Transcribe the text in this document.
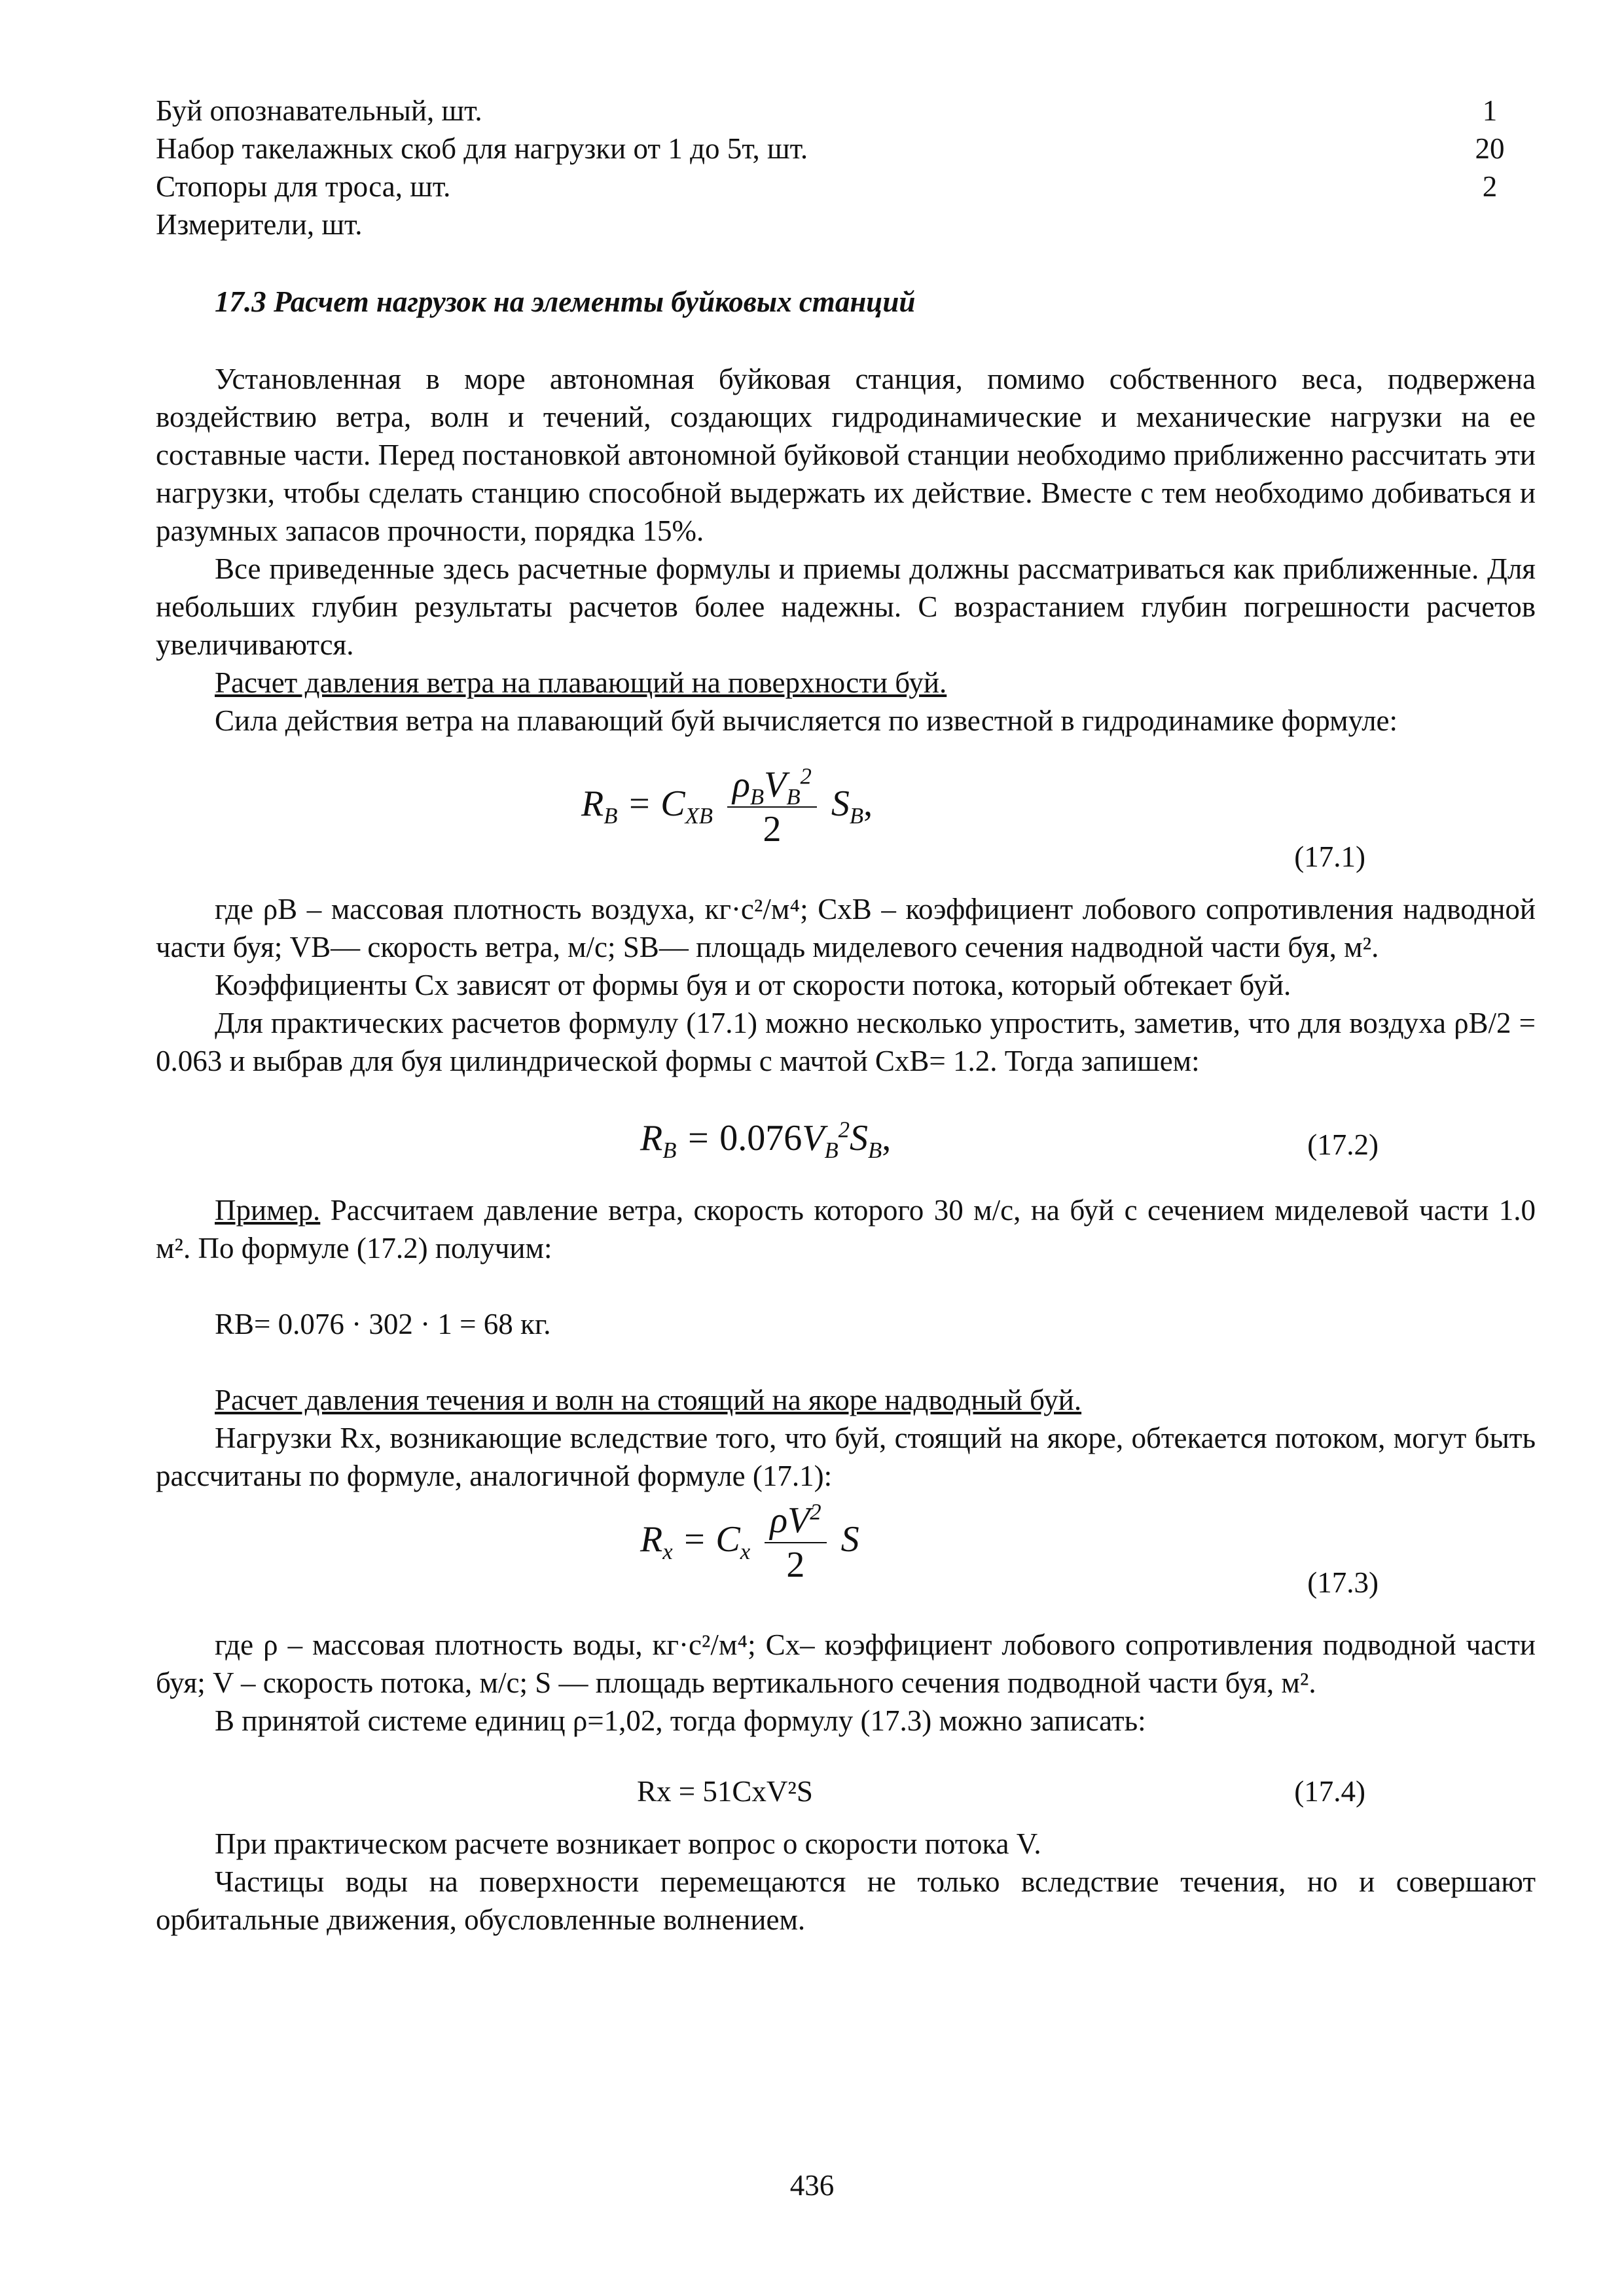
Буй опознавательный, шт.	1
Набор такелажных скоб для нагрузки от 1 до 5т, шт.	20
Стопоры для троса, шт.	2
Измерители, шт.
17.3 Расчет нагрузок на элементы буйковых станций

Установленная в море автономная буйковая станция, помимо собственного веса, подвержена воздействию ветра, волн и течений, создающих гидродинамические и механические нагрузки на ее составные части. Перед постановкой автономной буйковой станции необходимо приближенно рассчитать эти нагрузки, чтобы сделать станцию способной выдержать их действие. Вместе с тем необходимо добиваться и разумных запасов прочности, порядка 15%.

Все приведенные здесь расчетные формулы и приемы должны рассматриваться как приближенные. Для небольших глубин результаты расчетов более надежны. С возрастанием глубин погрешности расчетов увеличиваются.

Расчет давления ветра на плавающий на поверхности буй.

Сила действия ветра на плавающий буй вычисляется по известной в гидродинамике формуле:

$R_B = C_{XB} \frac{\rho_BV_B^2}{2} S_B$,
(17.1)

где ρB – массовая плотность воздуха, кг·c²/м⁴; СхB – коэффициент лобового сопротивления надводной части буя; VB— скорость ветра, м/с; SB— площадь миделевого сечения надводной части буя, м².

Коэффициенты Сх зависят от формы буя и от скорости потока, который обтекает буй.

Для практических расчетов формулу (17.1) можно несколько упростить, заметив, что для воздуха ρB/2 = 0.063 и выбрав для буя цилиндрической формы с мачтой СхB= 1.2. Тогда запишем:

$R_B = 0.076V_B^2S_B$,	(17.2)

Пример. Рассчитаем давление ветра, скорость которого 30 м/с, на буй с сечением миделевой части 1.0 м². По формуле (17.2) получим:

RB= 0.076 · 302 · 1 = 68 кг.
Расчет давления течения и волн на стоящий на якоре надводный буй.

Нагрузки Rx, возникающие вследствие того, что буй, стоящий на якоре, обтекается потоком, могут быть рассчитаны по формуле, аналогичной формуле (17.1):

$R_x = C_x \frac{\rho V^2}{2}$ S
(17.3)

где ρ – массовая плотность воды, кг·c²/м⁴; Сх– коэффициент лобового сопротивления подводной части буя; V – скорость потока, м/с; S — площадь вертикального сечения подводной части буя, м².

В принятой системе единиц ρ=1,02, тогда формулу (17.3) можно записать:

Rx = 51CxV²S	(17.4)

При практическом расчете возникает вопрос о скорости потока V.

Частицы воды на поверхности перемещаются не только вследствие течения, но и совершают орбитальные движения, обусловленные волнением.

436
